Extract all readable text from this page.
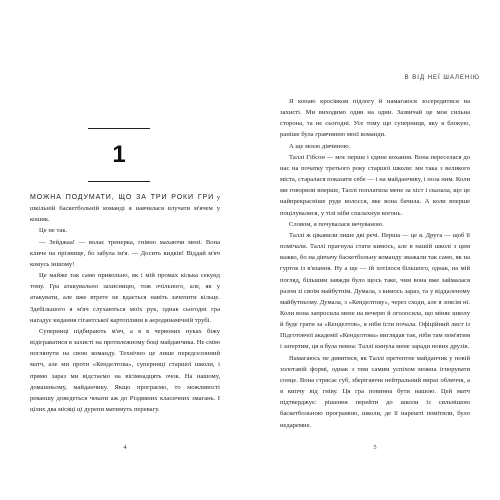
1

МОЖНА ПОДУМАТИ, ЩО ЗА ТРИ РОКИ ГРИ у шкільній баскетбольній команді я навчилася влучати м'ячем у кошик.

Це не так.

— Зейджаа! — волає тренерка, гнівно махаючи мені. Вона кличе на прізвище, бо забула ім'я. — Досить кидків! Віддай м'яч комусь іншому!

Це майже так само прикольно, як і мій промах кілька секунд тому. Гра атакувально захисницю, тож очільного, але, як у атакувати, але вже втрете не вдається навіть зачепити кільце. Здебільшого я м'яч слухаються моїх рук, однак сьогодні гра нагадує кидання гігантської картоплини в аеродинамічній трубі.

Суперниці підбирають м'яч, а я в червоних нуках біжу відіграватися в захисті на протилежному боці майданчика. Не смію поглянути на свою команду. Технічно це лише передсезонний матч, але ми проти «Кенделтова», суперниці старшої школи, і прямо зараз ми відстаємо на вісімнадцять очок. На нашому, домашньому, майданчику. Якщо програємо, то можливості реваншу доведеться чекати аж до Різдвяних класичних змагань. І цілих два місяці ці дурепи матимуть перевагу.

4

Я копаю кросівком підлогу й намагаюся зосередитися на захисті. Ми виходимо один на один. Зазвичай це моя сильна сторона, та не сьогодні. Усе тому що суперниця, яку я блокую, раніше була гравчинею моєї команди.

А ще моєю дівчиною.

Таллі Гібсон — моє перше і єдине кохання. Вона переселася до нас на початку третього року старшої школи: ми така з великого міста, старалася показати себе — і на майданчику, і поза ним. Коли ми говорили вперше, Таллі поплатила мене за хіст і сказала, що це найпрекрасніше руде волосся, яке вона бачила. А коли вперше поцілувалися, у тілі ніби спалахнув вогонь.

Словом, я почувалася нечуваною.

Таллі ж цікавили лише дві речі. Перша — це я. Друга — щоб її помічали. Таллі прагнула стати кимось, але в нашій школі з цим важко, бо на дівчачу баскетбольну команду зважали так само, як на гурток із в'язання. Ну а ще — їй хотілося більшого, однак, на мій погляд, більшим завжди було щось таке, чим вона вже займалася разом зі своїм майбутнім. Думала, з кимось зараз, та у віддаленому майбутньому. Думала, з «Кенделтову», через сходи, але я зовсім ні. Коли вона запросила мене на вечерю й оголосила, що міняє школу й буде грати за «Кенделтов», я ніби їсти почала. Офіційний лист із Підготовчої академії «Кенделтова» виглядав так, ніби там пом'ятим і затертим, ця я була певна: Таллі кинула мене заради нових друзів.

Намагаюсь не дивитися, як Таллі претентне майданчик у новій золотавій формі, однак з тим самим успіхом можна ігнорувати сонце. Вона стрясає губ, зберігаючи нейтральний вираз обличчя, а я кипчу від гніву. Ця гра повинна бути нашою. Цей матч підтверджує: рішення перейти до школи із сильнішою баскетбольною програмою, школи, де її нарешті помітили, було недаремне.

5
В ВІД НЕЇ ШАЛЕНІЮ
